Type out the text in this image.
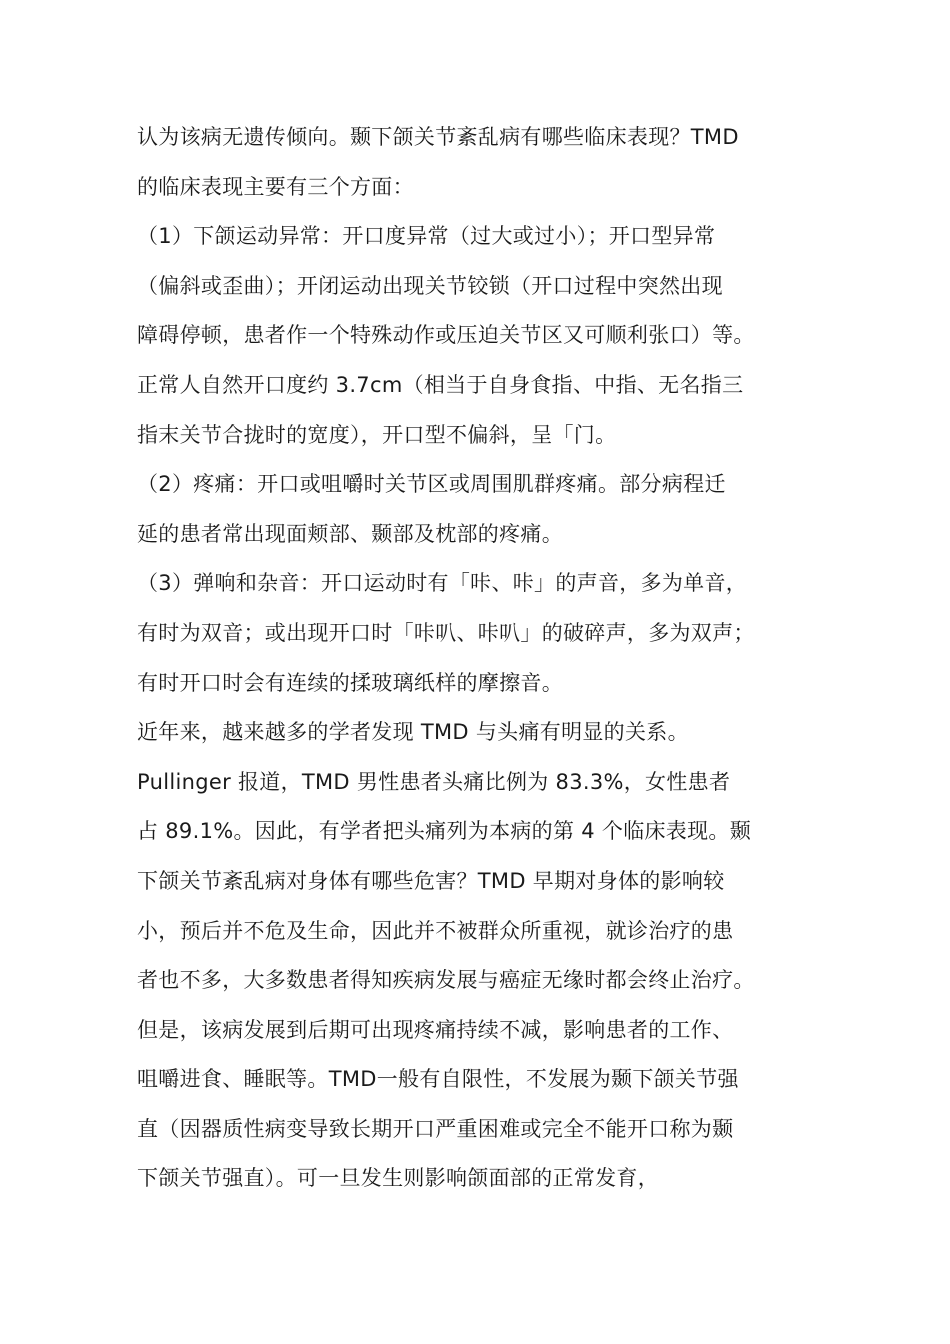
认为该病无遗传倾向。颞下颌关节紊乱病有哪些临床表现？TMD
的临床表现主要有三个方面：
（1）下颌运动异常：开口度异常（过大或过小）；开口型异常
（偏斜或歪曲）；开闭运动出现关节铰锁（开口过程中突然出现
障碍停顿，患者作一个特殊动作或压迫关节区又可顺利张口）等。
正常人自然开口度约 3.7cm（相当于自身食指、中指、无名指三
指末关节合拢时的宽度），开口型不偏斜，呈「门。
（2）疼痛：开口或咀嚼时关节区或周围肌群疼痛。部分病程迁
延的患者常出现面颊部、颞部及枕部的疼痛。
（3）弹响和杂音：开口运动时有「咔、咔」的声音，多为单音，
有时为双音；或出现开口时「咔叭、咔叭」的破碎声，多为双声；
有时开口时会有连续的揉玻璃纸样的摩擦音。
近年来，越来越多的学者发现 TMD 与头痛有明显的关系。
Pullinger 报道，TMD 男性患者头痛比例为 83.3%，女性患者
占 89.1%。因此，有学者把头痛列为本病的第 4 个临床表现。颞
下颌关节紊乱病对身体有哪些危害？TMD 早期对身体的影响较
小，预后并不危及生命，因此并不被群众所重视，就诊治疗的患
者也不多，大多数患者得知疾病发展与癌症无缘时都会终止治疗。
但是，该病发展到后期可出现疼痛持续不减，影响患者的工作、
咀嚼进食、睡眠等。TMD一般有自限性，不发展为颞下颌关节强
直（因器质性病变导致长期开口严重困难或完全不能开口称为颞
下颌关节强直）。可一旦发生则影响颌面部的正常发育，
